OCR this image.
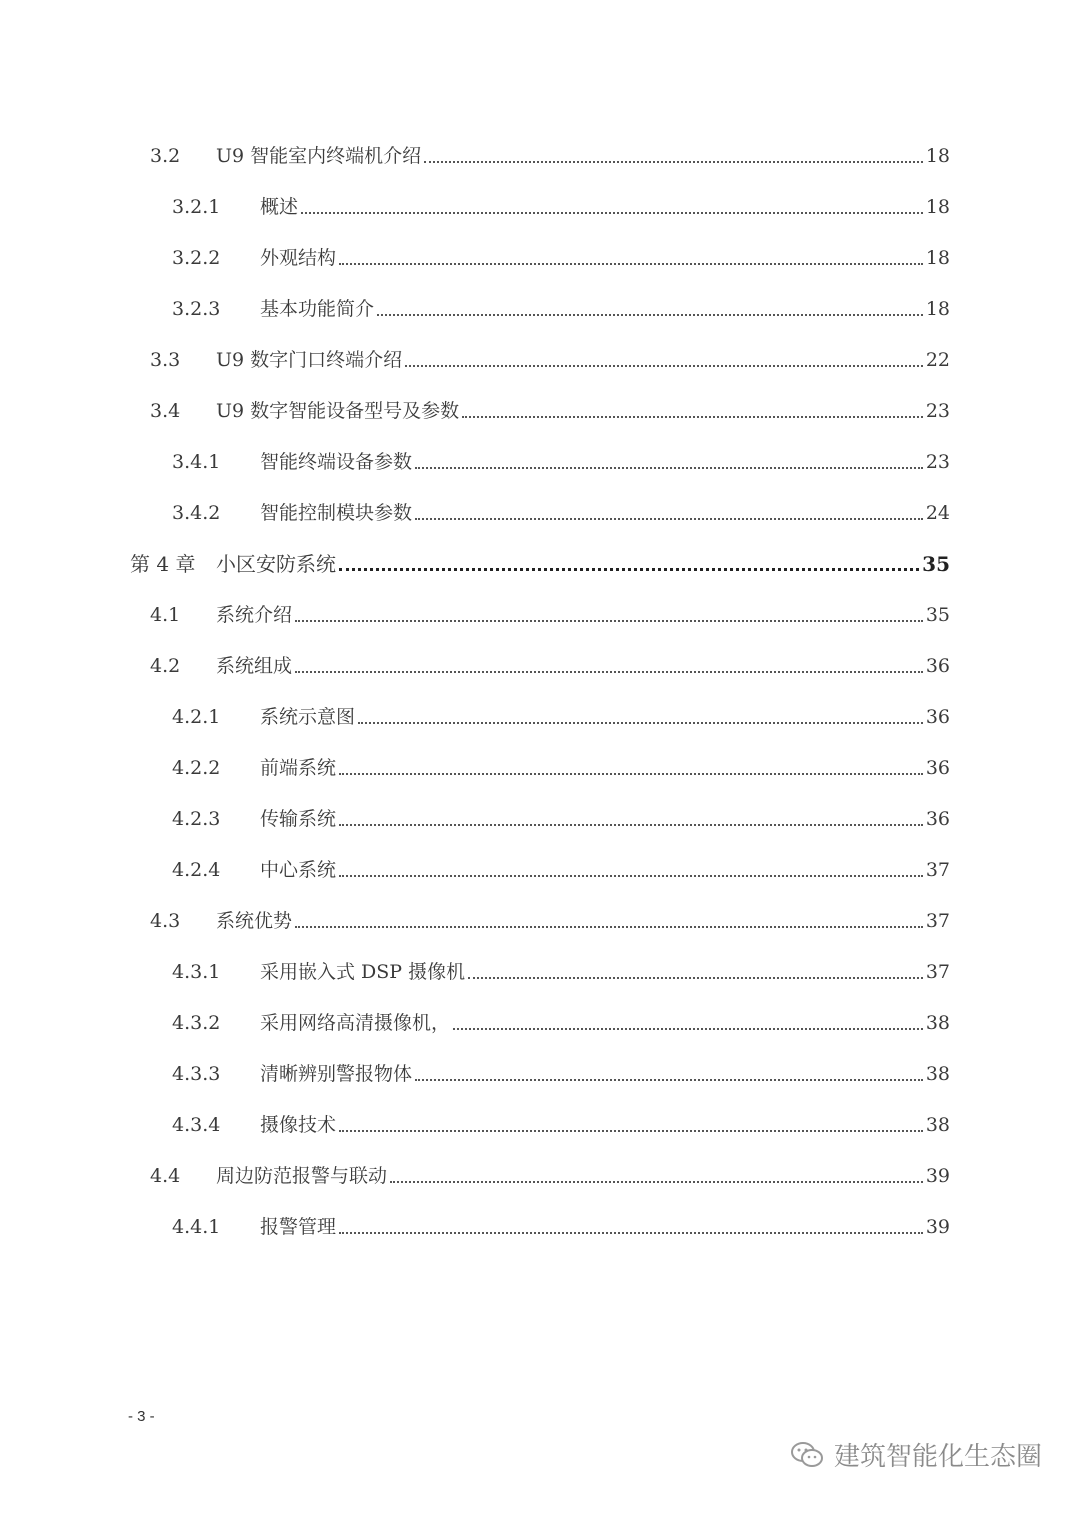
3.2	U9 智能室内终端机介绍	18
3.2.1	概述	18
3.2.2	外观结构	18
3.2.3	基本功能简介	18
3.3	U9 数字门口终端介绍	22
3.4	U9 数字智能设备型号及参数	23
3.4.1	智能终端设备参数	23
3.4.2	智能控制模块参数	24
第 4 章	小区安防系统	35
4.1	系统介绍	35
4.2	系统组成	36
4.2.1	系统示意图	36
4.2.2	前端系统	36
4.2.3	传输系统	36
4.2.4	中心系统	37
4.3	系统优势	37
4.3.1	采用嵌入式 DSP 摄像机	37
4.3.2	采用网络高清摄像机，	38
4.3.3	清晰辨别警报物体	38
4.3.4	摄像技术	38
4.4	周边防范报警与联动	39
4.4.1	报警管理	39
- 3 -
建筑智能化生态圈
